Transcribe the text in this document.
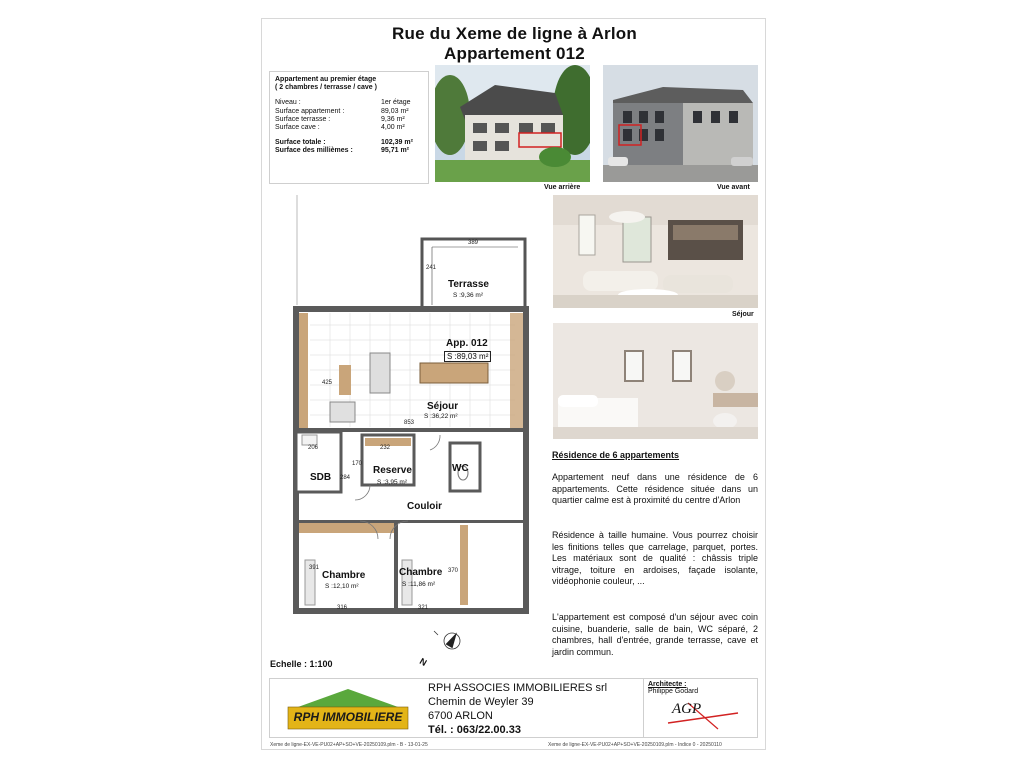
Rue du Xeme de ligne à Arlon
Appartement 012
Appartement au premier étage
( 2 chambres / terrasse / cave )
Niveau :	1er étage
Surface appartement :	89,03 m²
Surface terrasse :	9,36 m²
Surface cave :	4,00 m²
Surface totale :	102,39 m²
Surface des millièmes :	95,71 m²
Vue arrière	Vue avant
Séjour
Terrasse
S :9,36 m²
App. 012
S :89,03 m²
Séjour
S :36,22 m²
SDB
Reserve
S :3,95 m²
WC
Couloir
Chambre
S :12,10 m²
Chambre
S :11,86 m²
389
241
425
853
206	232
170
284
391
316	321
370
N
Echelle : 1:100
Résidence de 6 appartements
Appartement neuf dans une résidence de 6 appartements. Cette résidence située dans un quartier calme est à proximité du centre d'Arlon
Résidence à taille humaine. Vous pourrez choisir les finitions telles que carrelage, parquet, portes. Les matériaux sont de qualité : châssis triple vitrage, toiture en ardoises, façade isolante, vidéophonie couleur, ...
L'appartement est composé d'un séjour avec coin cuisine, buanderie, salle de bain, WC séparé, 2 chambres, hall d'entrée, grande terrasse, cave et jardin commun.
RPH IMMOBILIERE
RPH ASSOCIES IMMOBILIERES srl
Chemin de Weyler 39
6700 ARLON
Tél. : 063/22.00.33
Architecte :
Philippe Godard
AGP
Xeme de ligne-EX-VE-PU02+AP+SO+VE-20250109.plm - B - 13-01-25	Xeme de ligne-EX-VE-PU02+AP+SO+VE-20250109.plm - Indice 0 - 20250110
